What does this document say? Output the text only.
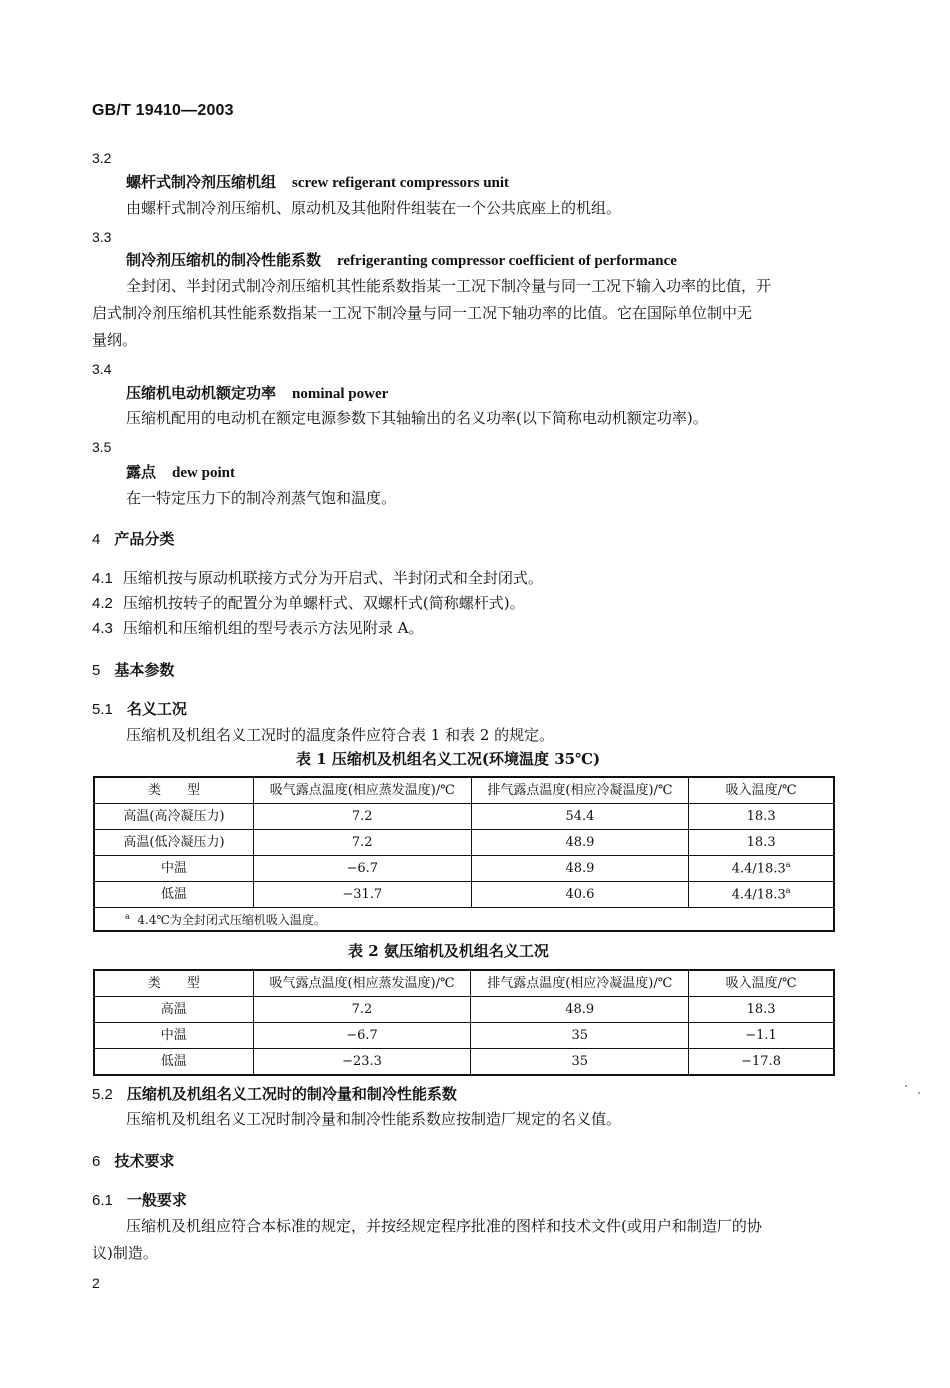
GB/T 19410—2003
3.2
螺杆式制冷剂压缩机组 screw refigerant compressors unit
由螺杆式制冷剂压缩机、原动机及其他附件组装在一个公共底座上的机组。
3.3
制冷剂压缩机的制冷性能系数 refrigeranting compressor coefficient of performance
全封闭、半封闭式制冷剂压缩机其性能系数指某一工况下制冷量与同一工况下输入功率的比值，开
启式制冷剂压缩机其性能系数指某一工况下制冷量与同一工况下轴功率的比值。它在国际单位制中无
量纲。
3.4
压缩机电动机额定功率 nominal power
压缩机配用的电动机在额定电源参数下其轴输出的名义功率(以下简称电动机额定功率)。
3.5
露点 dew point
在一特定压力下的制冷剂蒸气饱和温度。
4 产品分类
4.1 压缩机按与原动机联接方式分为开启式、半封闭式和全封闭式。
4.2 压缩机按转子的配置分为单螺杆式、双螺杆式(简称螺杆式)。
4.3 压缩机和压缩机组的型号表示方法见附录 A。
5 基本参数
5.1 名义工况
压缩机及机组名义工况时的温度条件应符合表 1 和表 2 的规定。
表 1 压缩机及机组名义工况(环境温度 35℃)
类　　型	吸气露点温度(相应蒸发温度)/℃	排气露点温度(相应冷凝温度)/℃	吸入温度/℃
高温(高冷凝压力)	7.2	54.4	18.3
高温(低冷凝压力)	7.2	48.9	18.3
中温	−6.7	48.9	4.4/18.3$^a$
低温	−31.7	40.6	4.4/18.3$^a$
$^a$ 4.4℃为全封闭式压缩机吸入温度。			
表 2 氨压缩机及机组名义工况
类　　型	吸气露点温度(相应蒸发温度)/℃	排气露点温度(相应冷凝温度)/℃	吸入温度/℃
高温	7.2	48.9	18.3
中温	−6.7	35	−1.1
低温	−23.3	35	−17.8
5.2 压缩机及机组名义工况时的制冷量和制冷性能系数
压缩机及机组名义工况时制冷量和制冷性能系数应按制造厂规定的名义值。
6 技术要求
6.1 一般要求
压缩机及机组应符合本标准的规定，并按经规定程序批准的图样和技术文件(或用户和制造厂的协
议)制造。
2
